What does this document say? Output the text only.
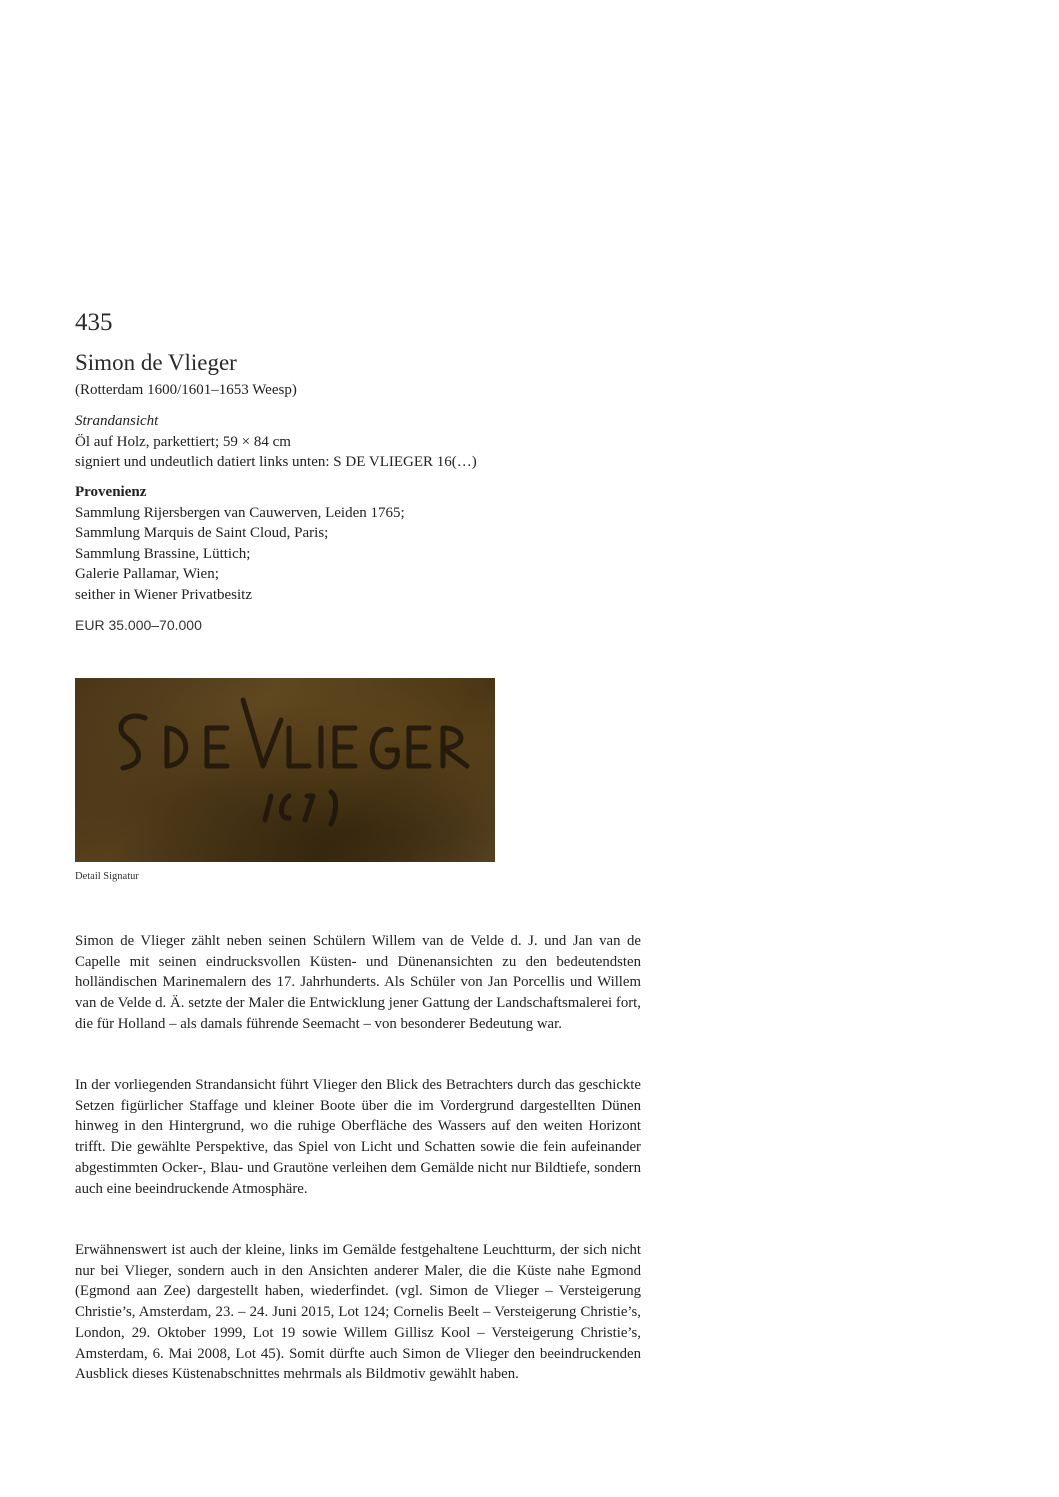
435
Simon de Vlieger
(Rotterdam 1600/1601–1653 Weesp)
Strandansicht
Öl auf Holz, parkettiert; 59 × 84 cm
signiert und undeutlich datiert links unten: S DE VLIEGER 16(…)
Provenienz
Sammlung Rijersbergen van Cauwerven, Leiden 1765;
Sammlung Marquis de Saint Cloud, Paris;
Sammlung Brassine, Lüttich;
Galerie Pallamar, Wien;
seither in Wiener Privatbesitz
EUR 35.000–70.000
Detail Signatur

Simon de Vlieger zählt neben seinen Schülern Willem van de Velde d. J. und Jan van de Capelle mit seinen eindrucksvollen Küsten- und Dünenansichten zu den bedeutendsten holländischen Marinemalern des 17. Jahrhunderts. Als Schüler von Jan Porcellis und Willem van de Velde d. Ä. setzte der Maler die Entwicklung jener Gattung der Landschaftsmalerei fort, die für Holland – als damals führende Seemacht – von besonderer Bedeutung war.

In der vorliegenden Strandansicht führt Vlieger den Blick des Betrachters durch das geschickte Setzen figürlicher Staffage und kleiner Boote über die im Vordergrund dargestellten Dünen hinweg in den Hintergrund, wo die ruhige Oberfläche des Wassers auf den weiten Horizont trifft. Die gewählte Perspektive, das Spiel von Licht und Schatten sowie die fein aufeinander abgestimmten Ocker-, Blau- und Grautöne verleihen dem Gemälde nicht nur Bildtiefe, sondern auch eine beeindruckende Atmosphäre.

Erwähnenswert ist auch der kleine, links im Gemälde festgehaltene Leuchtturm, der sich nicht nur bei Vlieger, sondern auch in den Ansichten anderer Maler, die die Küste nahe Egmond (Egmond aan Zee) dargestellt haben, wiederfindet. (vgl. Simon de Vlieger – Versteigerung Christie’s, Amsterdam, 23. – 24. Juni 2015, Lot 124; Cornelis Beelt – Versteigerung Christie’s, London, 29. Oktober 1999, Lot 19 sowie Willem Gillisz Kool – Versteigerung Christie’s, Amsterdam, 6. Mai 2008, Lot 45). Somit dürfte auch Simon de Vlieger den beeindruckenden Ausblick dieses Küstenabschnittes mehrmals als Bildmotiv gewählt haben.
